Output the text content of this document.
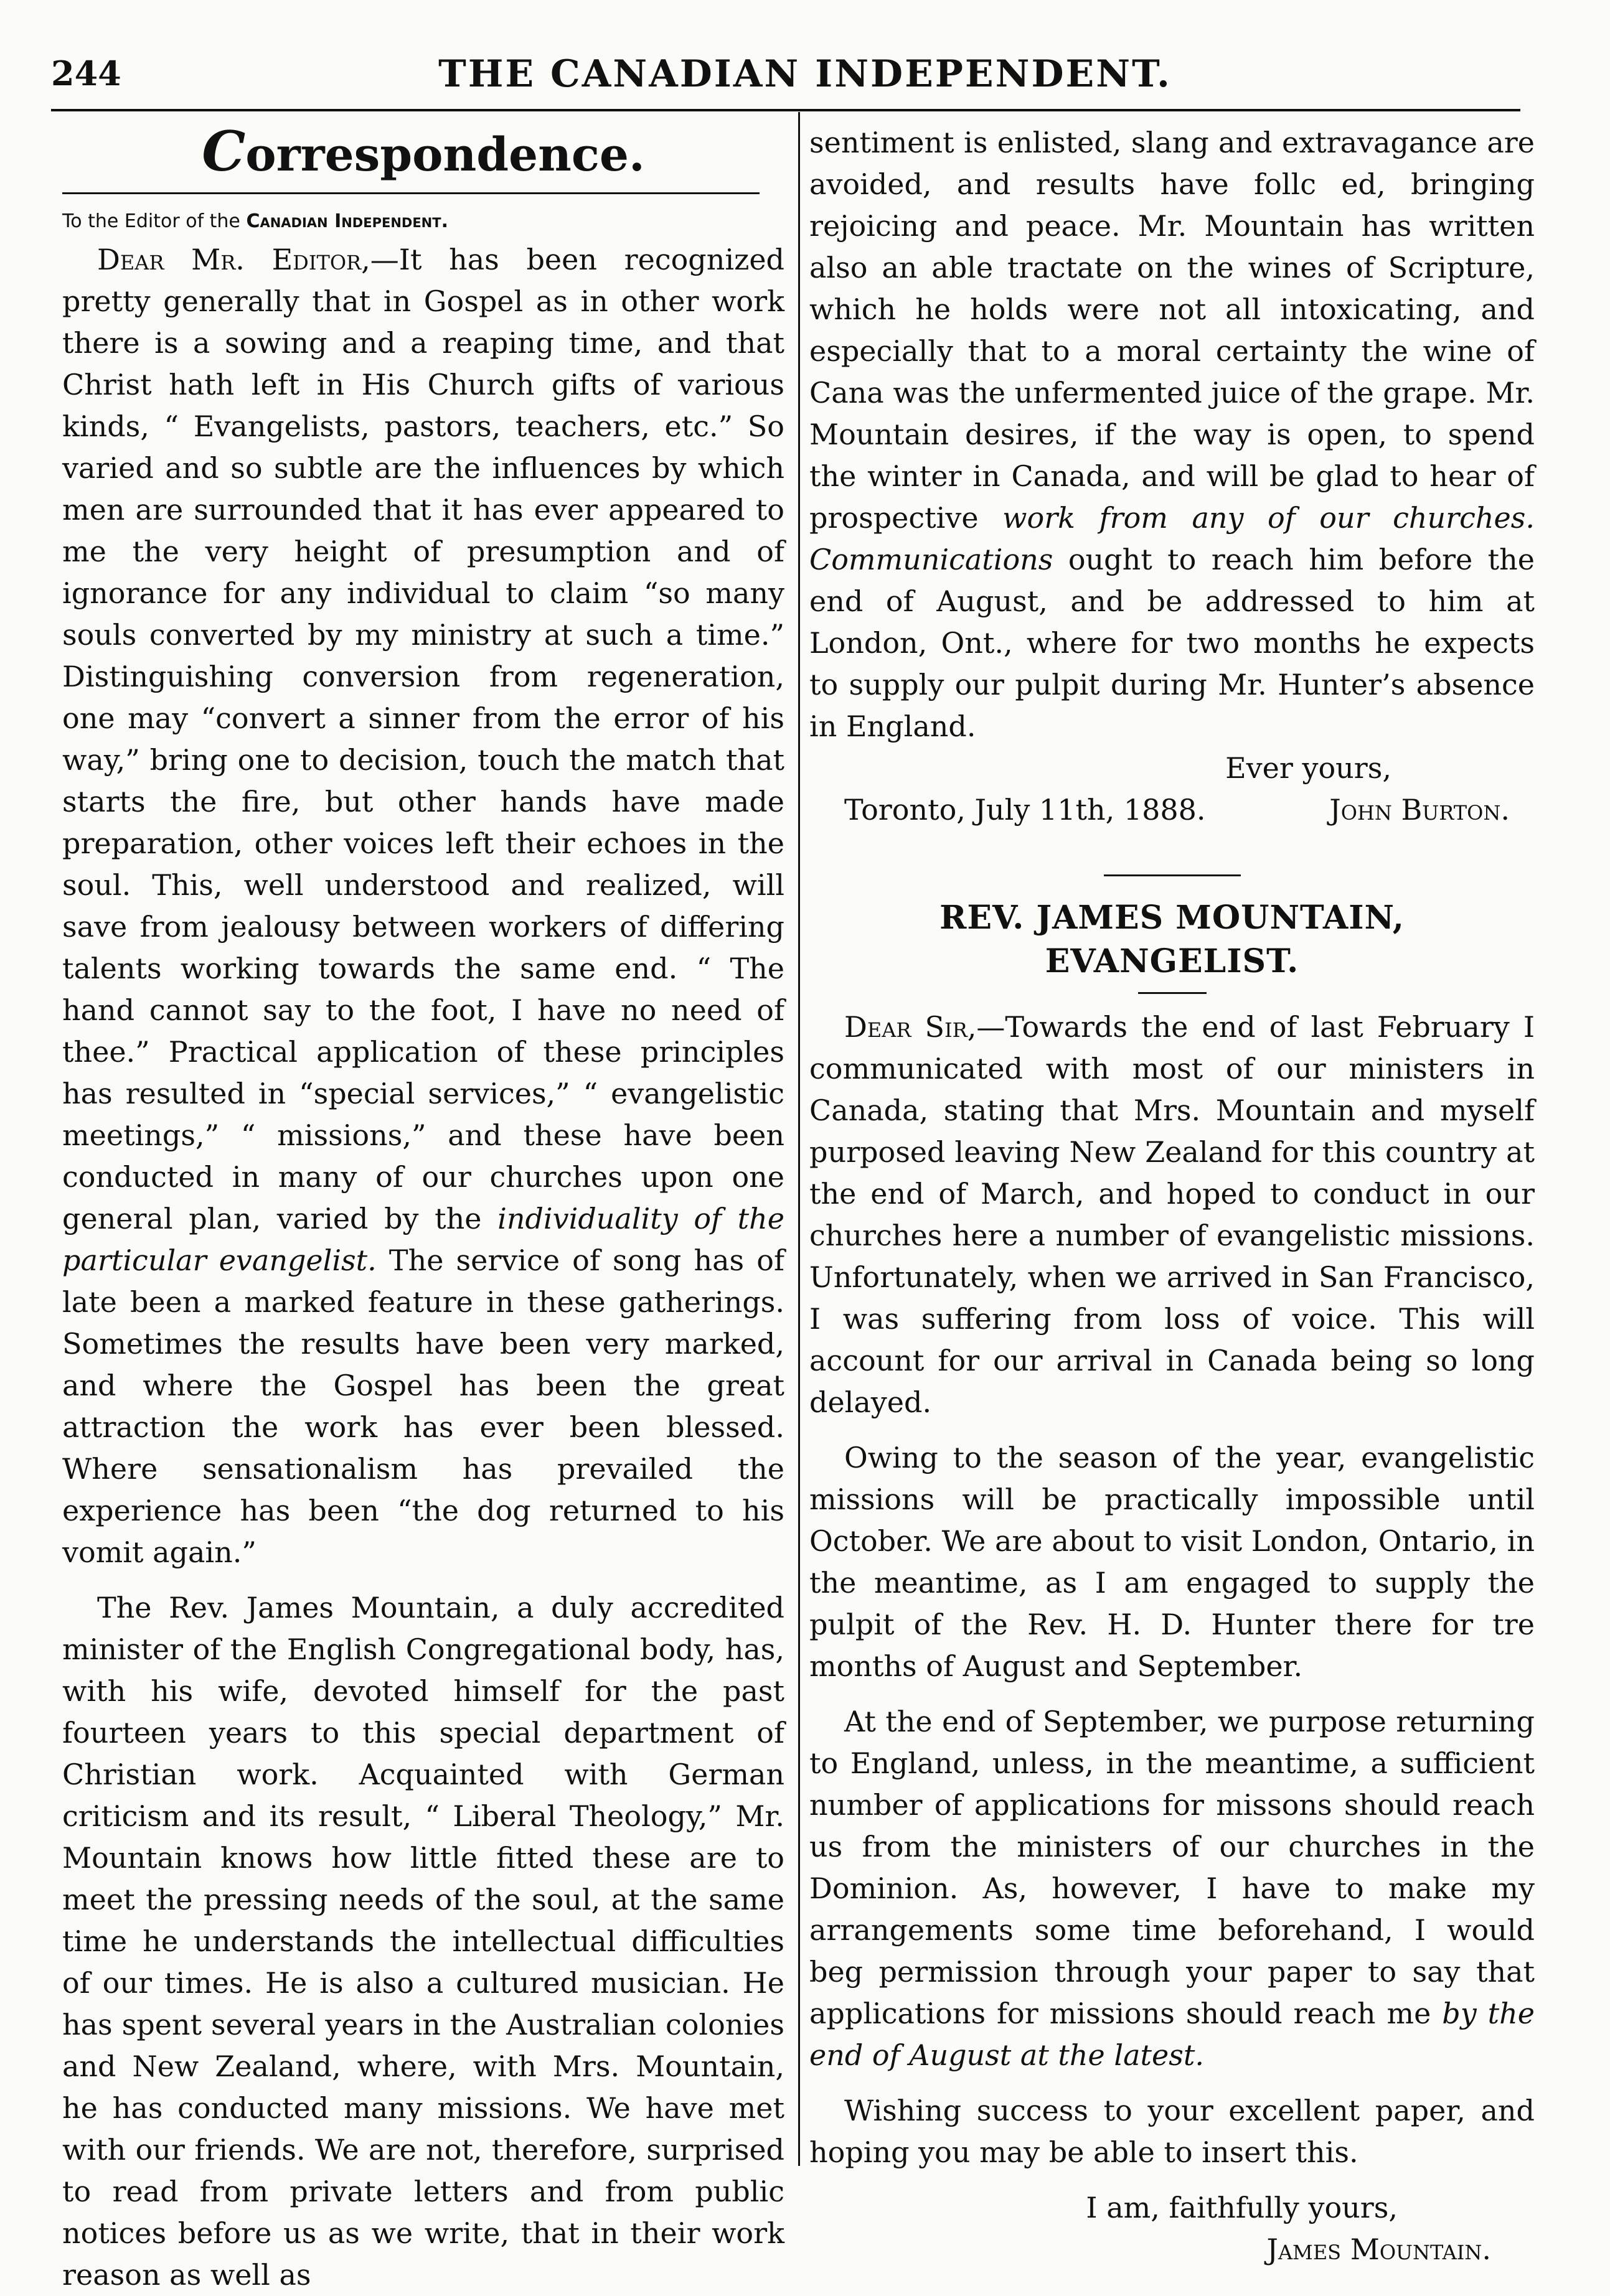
244	THE CANADIAN INDEPENDENT.
Correspondence.

To the Editor of the Canadian Independent.

Dear Mr. Editor,—It has been recognized pretty generally that in Gospel as in other work there is a sowing and a reaping time, and that Christ hath left in His Church gifts of various kinds, “ Evangelists, pastors, teachers, etc.” So varied and so subtle are the influences by which men are surrounded that it has ever appeared to me the very height of presumption and of ignorance for any individual to claim “so many souls converted by my ministry at such a time.” Distinguishing conversion from regeneration, one may “convert a sinner from the error of his way,” bring one to decision, touch the match that starts the fire, but other hands have made preparation, other voices left their echoes in the soul. This, well understood and realized, will save from jealousy between workers of differing talents working towards the same end. “ The hand cannot say to the foot, I have no need of thee.” Practical application of these principles has resulted in “special services,” “ evangelistic meetings,” “ missions,” and these have been conducted in many of our churches upon one general plan, varied by the individuality of the particular evangelist. The service of song has of late been a marked feature in these gatherings. Sometimes the results have been very marked, and where the Gospel has been the great attraction the work has ever been blessed. Where sensationalism has prevailed the experience has been “the dog returned to his vomit again.”

The Rev. James Mountain, a duly accredited minister of the English Congregational body, has, with his wife, devoted himself for the past fourteen years to this special department of Christian work. Acquainted with German criticism and its result, “ Liberal Theology,” Mr. Mountain knows how little fitted these are to meet the pressing needs of the soul, at the same time he understands the intellectual difficulties of our times. He is also a cultured musician. He has spent several years in the Australian colonies and New Zealand, where, with Mrs. Mountain, he has conducted many missions. We have met with our friends. We are not, therefore, surprised to read from private letters and from public notices before us as we write, that in their work reason as well as

sentiment is enlisted, slang and extravagance are avoided, and results have follc ed, bringing rejoicing and peace. Mr. Mountain has written also an able tractate on the wines of Scripture, which he holds were not all intoxicating, and especially that to a moral certainty the wine of Cana was the unfermented juice of the grape. Mr. Mountain desires, if the way is open, to spend the winter in Canada, and will be glad to hear of prospective work from any of our churches. Communications ought to reach him before the end of August, and be addressed to him at London, Ont., where for two months he expects to supply our pulpit during Mr. Hunter’s absence in England.

Ever yours,

Toronto, July 11th, 1888.	John Burton.

REV. JAMES MOUNTAIN, EVANGELIST.

Dear Sir,—Towards the end of last February I communicated with most of our ministers in Canada, stating that Mrs. Mountain and myself purposed leaving New Zealand for this country at the end of March, and hoped to conduct in our churches here a number of evangelistic missions. Unfortunately, when we arrived in San Francisco, I was suffering from loss of voice. This will account for our arrival in Canada being so long delayed.

Owing to the season of the year, evangelistic missions will be practically impossible until October. We are about to visit London, Ontario, in the meantime, as I am engaged to supply the pulpit of the Rev. H. D. Hunter there for tre months of August and September.

At the end of September, we purpose returning to England, unless, in the meantime, a sufficient number of applications for missons should reach us from the ministers of our churches in the Dominion. As, however, I have to make my arrangements some time beforehand, I would beg permission through your paper to say that applications for missions should reach me by the end of August at the latest.

Wishing success to your excellent paper, and hoping you may be able to insert this.

I am, faithfully yours,

James Mountain.
